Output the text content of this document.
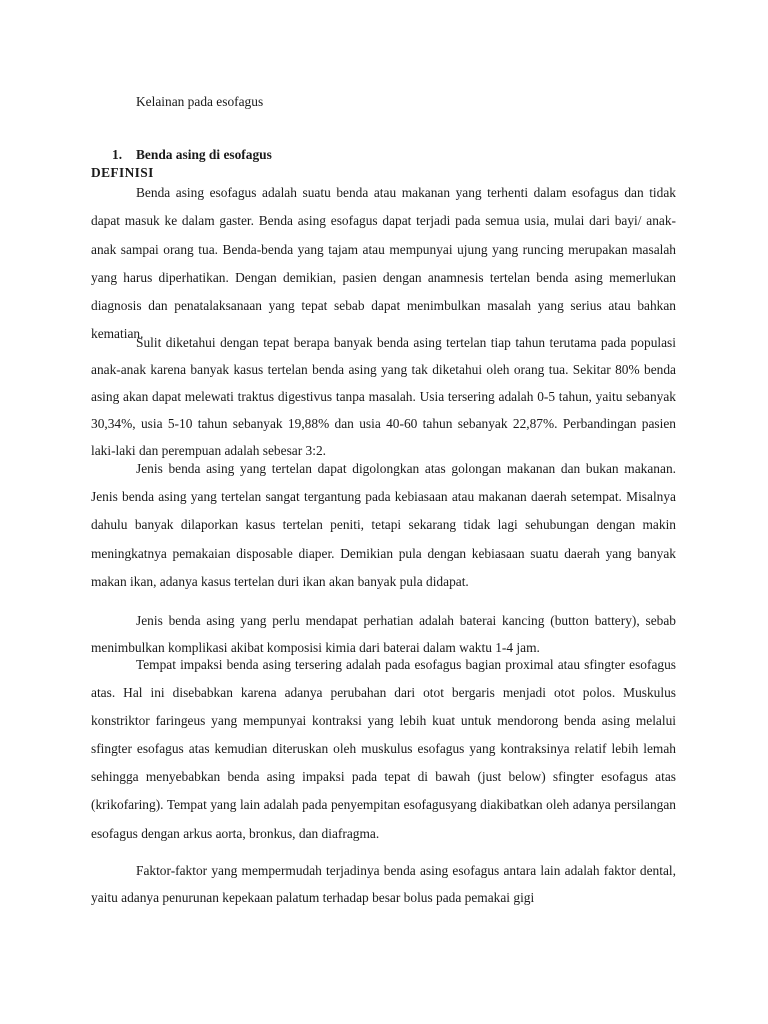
Kelainan pada esofagus

1. Benda asing di esofagus

DEFINISI

Benda asing esofagus adalah suatu benda atau makanan yang terhenti dalam esofagus dan tidak dapat masuk ke dalam gaster. Benda asing esofagus dapat terjadi pada semua usia, mulai dari bayi/ anak-anak sampai orang tua. Benda-benda yang tajam atau mempunyai ujung yang runcing merupakan masalah yang harus diperhatikan. Dengan demikian, pasien dengan anamnesis tertelan benda asing memerlukan diagnosis dan penatalaksanaan yang tepat sebab dapat menimbulkan masalah yang serius atau bahkan kematian.

Sulit diketahui dengan tepat berapa banyak benda asing tertelan tiap tahun terutama pada populasi anak-anak karena banyak kasus tertelan benda asing yang tak diketahui oleh orang tua. Sekitar 80% benda asing akan dapat melewati traktus digestivus tanpa masalah. Usia tersering adalah 0-5 tahun, yaitu sebanyak 30,34%, usia 5-10 tahun sebanyak 19,88% dan usia 40-60 tahun sebanyak 22,87%. Perbandingan pasien laki-laki dan perempuan adalah sebesar 3:2.

Jenis benda asing yang tertelan dapat digolongkan atas golongan makanan dan bukan makanan. Jenis benda asing yang tertelan sangat tergantung pada kebiasaan atau makanan daerah setempat. Misalnya dahulu banyak dilaporkan kasus tertelan peniti, tetapi sekarang tidak lagi sehubungan dengan makin meningkatnya pemakaian disposable diaper. Demikian pula dengan kebiasaan suatu daerah yang banyak makan ikan, adanya kasus tertelan duri ikan akan banyak pula didapat.

Jenis benda asing yang perlu mendapat perhatian adalah baterai kancing (button battery), sebab menimbulkan komplikasi akibat komposisi kimia dari baterai dalam waktu 1-4 jam.

Tempat impaksi benda asing tersering adalah pada esofagus bagian proximal atau sfingter esofagus atas. Hal ini disebabkan karena adanya perubahan dari otot bergaris menjadi otot polos. Muskulus konstriktor faringeus yang mempunyai kontraksi yang lebih kuat untuk mendorong benda asing melalui sfingter esofagus atas kemudian diteruskan oleh muskulus esofagus yang kontraksinya relatif lebih lemah sehingga menyebabkan benda asing impaksi pada tepat di bawah (just below) sfingter esofagus atas (krikofaring). Tempat yang lain adalah pada penyempitan esofagusyang diakibatkan oleh adanya persilangan esofagus dengan arkus aorta, bronkus, dan diafragma.

Faktor-faktor yang mempermudah terjadinya benda asing esofagus antara lain adalah faktor dental, yaitu adanya penurunan kepekaan palatum terhadap besar bolus pada pemakai gigi
